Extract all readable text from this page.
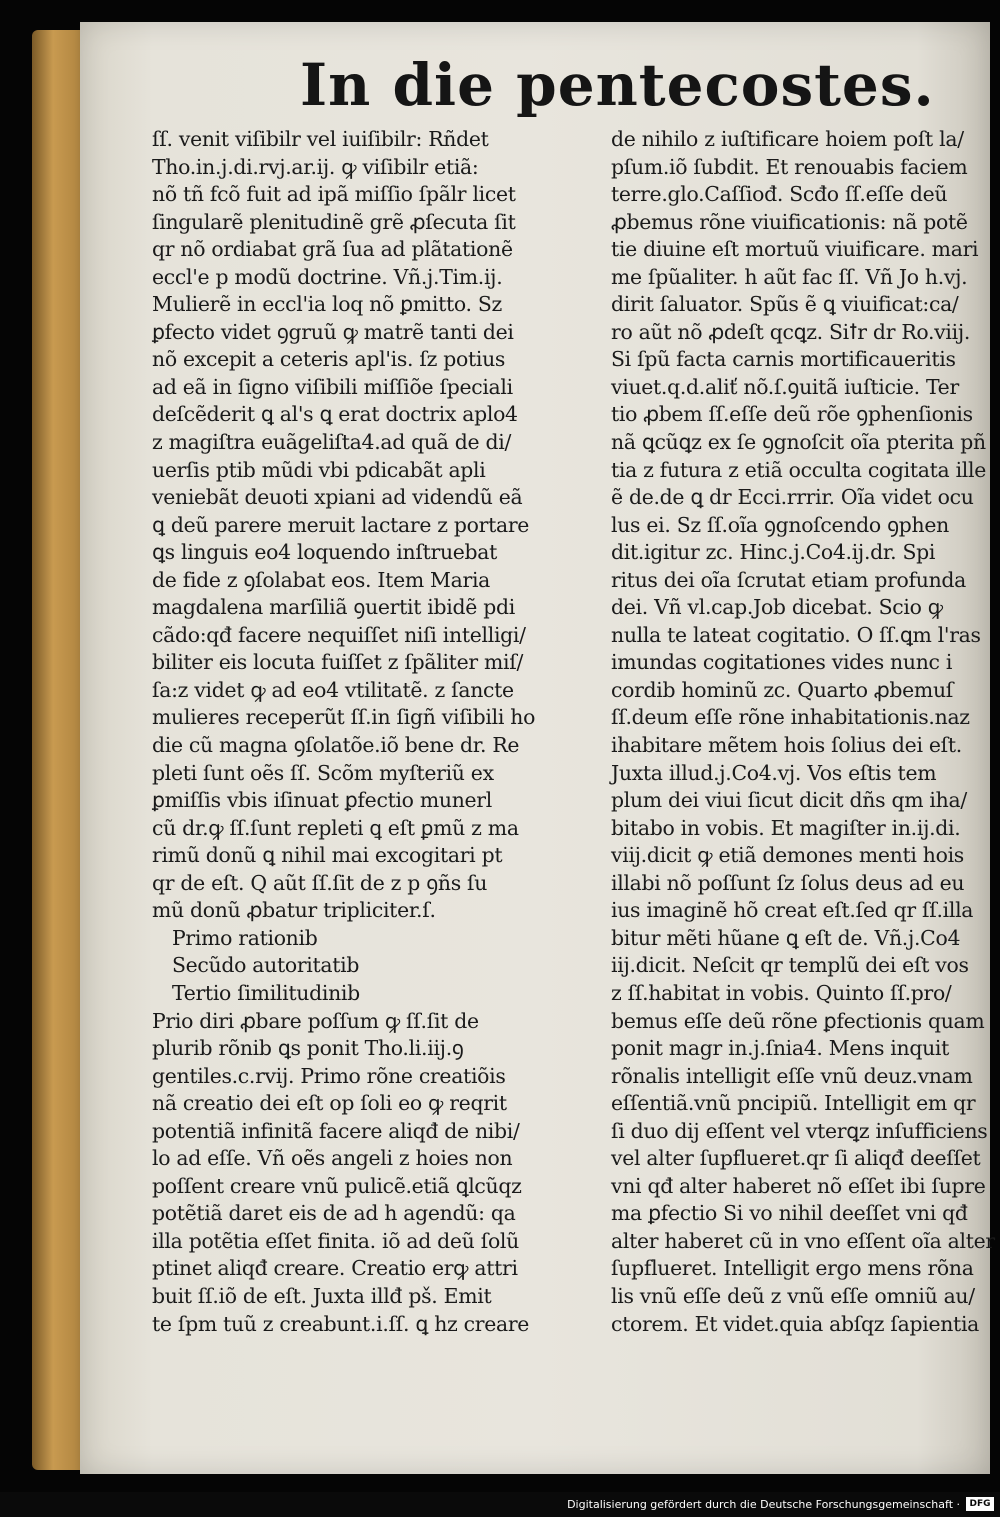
In die pentecostes.
ſſ. venit viſibilr vel iuiſibilr: Rñdet
Tho.in.j.di.rvj.ar.ij. ꝙ viſibilr etiã:
nõ tñ fcõ fuit ad ipã miſſio ſpãlr licet
ſingularẽ plenitudinẽ grẽ ꝓſecuta ſit
qr nõ ordiabat grã ſua ad plãtationẽ
eccl'e p modũ doctrine. Vñ.j.Tim.ij.
Mulierẽ in eccl'ia loq nõ ꝑmitto. Sz
ꝑfecto videt ꝯgruũ ꝙ matrẽ tanti dei
nõ excepit a ceteris apl'is. ſz potius
ad eã in ſigno viſibili miſſiõe ſpeciali
deſcẽderit ꝗ al's ꝗ erat doctrix aplo4
z magiſtra euãgeliſta4.ad quã de di/
uerſis ptib mũdi vbi pdicabãt apli
veniebãt deuoti xpiani ad videndũ eã
ꝗ deũ parere meruit lactare z portare
ꝗs linguis eo4 loquendo inſtruebat
de fide z ꝯſolabat eos. Item Maria
magdalena marſiliã ꝯuertit ibidẽ pdi
cãdo:qđ facere nequiſſet niſi intelligi/
biliter eis locuta fuiſſet z ſpãliter miſ/
ſa:z videt ꝙ ad eo4 vtilitatẽ. z ſancte
mulieres receperũt ſſ.in ſigñ viſibili ho
die cũ magna ꝯſolatõe.iõ bene dr. Re
pleti ſunt oẽs ſſ. Scõm myſteriũ ex
ꝑmiſſis vbis iſinuat ꝑfectio munerl
cũ dr.ꝙ ſſ.ſunt repleti ꝗ eſt ꝑmũ z ma
rimũ donũ ꝗ nihil mai excogitari pt
qr de eſt. Q aũt ſſ.ſit de z p ꝯñs ſu
mũ donũ ꝓbatur tripliciter.ſ.
Primo rationib
Secũdo autoritatib
Tertio ſimilitudinib
Prio diri ꝓbare poſſum ꝙ ſſ.ſit de
plurib rõnib ꝗs ponit Tho.li.iij.ꝯ
gentiles.c.rvij. Primo rõne creatiõis
nã creatio dei eſt op ſoli eo ꝙ reqrit
potentiã infinitã facere aliqđ de nibi/
lo ad eſſe. Vñ oẽs angeli z hoies non
poſſent creare vnũ pulicẽ.etiã ꝗlcũqz
potẽtiã daret eis de ad h agendũ: qa
illa potẽtia eſſet finita. iõ ad deũ ſolũ
ptinet aliqđ creare. Creatio erꝙ attri
buit ſſ.iõ de eſt. Juxta illđ pš. Emit
te ſpm tuũ z creabunt.i.ſſ. ꝗ hz creare
de nihilo z iuſtificare hoiem poſt la/
pſum.iõ ſubdit. Et renouabis faciem
terre.glo.Caſſiođ. Scđo ſſ.eſſe deũ
ꝓbemus rõne viuificationis: nã potẽ
tie diuine eſt mortuũ viuificare. mari
me ſpũaliter. h aũt fac ſſ. Vñ Jo h.vj.
dirit ſaluator. Spũs ẽ ꝗ viuificat:ca/
ro aũt nõ ꝓdeſt qcꝗz. Siꝉr dr Ro.viij.
Si ſpũ facta carnis mortificaueritis
viuet.q.d.aliť nõ.ſ.ꝯuitã iuſticie. Ter
tio ꝓbem ſſ.eſſe deũ rõe ꝯphenſionis
nã ꝗcũꝗz ex ſe ꝯgnoſcit oĩa pterita pñ
tia z futura z etiã occulta cogitata ille
ẽ de.de ꝗ dr Ecci.rrrir. Oĩa videt ocu
lus ei. Sz ſſ.oĩa ꝯgnoſcendo ꝯphen
dit.igitur zc. Hinc.j.Co4.ij.dr. Spi
ritus dei oĩa ſcrutat etiam profunda
dei. Vñ vl.cap.Job dicebat. Scio ꝙ
nulla te lateat cogitatio. O ſſ.ꝗm l'ras
imundas cogitationes vides nunc i
cordib hominũ zc. Quarto ꝓbemuſ
ſſ.deum eſſe rõne inhabitationis.naz
ihabitare mẽtem hois ſolius dei eſt.
Juxta illud.j.Co4.vj. Vos eſtis tem
plum dei viui ſicut dicit dñs qm iha/
bitabo in vobis. Et magiſter in.ij.di.
viij.dicit ꝙ etiã demones menti hois
illabi nõ poſſunt ſz ſolus deus ad eu
ius imaginẽ hõ creat eſt.ſed qr ſſ.illa
bitur mẽti hũane ꝗ eſt de. Vñ.j.Co4
iij.dicit. Neſcit qr templũ dei eſt vos
z ſſ.habitat in vobis. Quinto ſſ.pro/
bemus eſſe deũ rõne ꝑfectionis quam
ponit magr in.j.ſnia4. Mens inquit
rõnalis intelligit eſſe vnũ deuz.vnam
eſſentiã.vnũ pncipiũ. Intelligit em qr
ſi duo dij eſſent vel vterꝗz inſufficiens
vel alter ſupflueret.qr ſi aliqđ deeſſet
vni qđ alter haberet nõ eſſet ibi ſupre
ma ꝑfectio Si vo nihil deeſſet vni qđ
alter haberet cũ in vno eſſent oĩa alter
ſupflueret. Intelligit ergo mens rõna
lis vnũ eſſe deũ z vnũ eſſe omniũ au/
ctorem. Et videt.quia abſqz ſapientia
Digitalisierung gefördert durch die Deutsche Forschungsgemeinschaft ·	DFG
